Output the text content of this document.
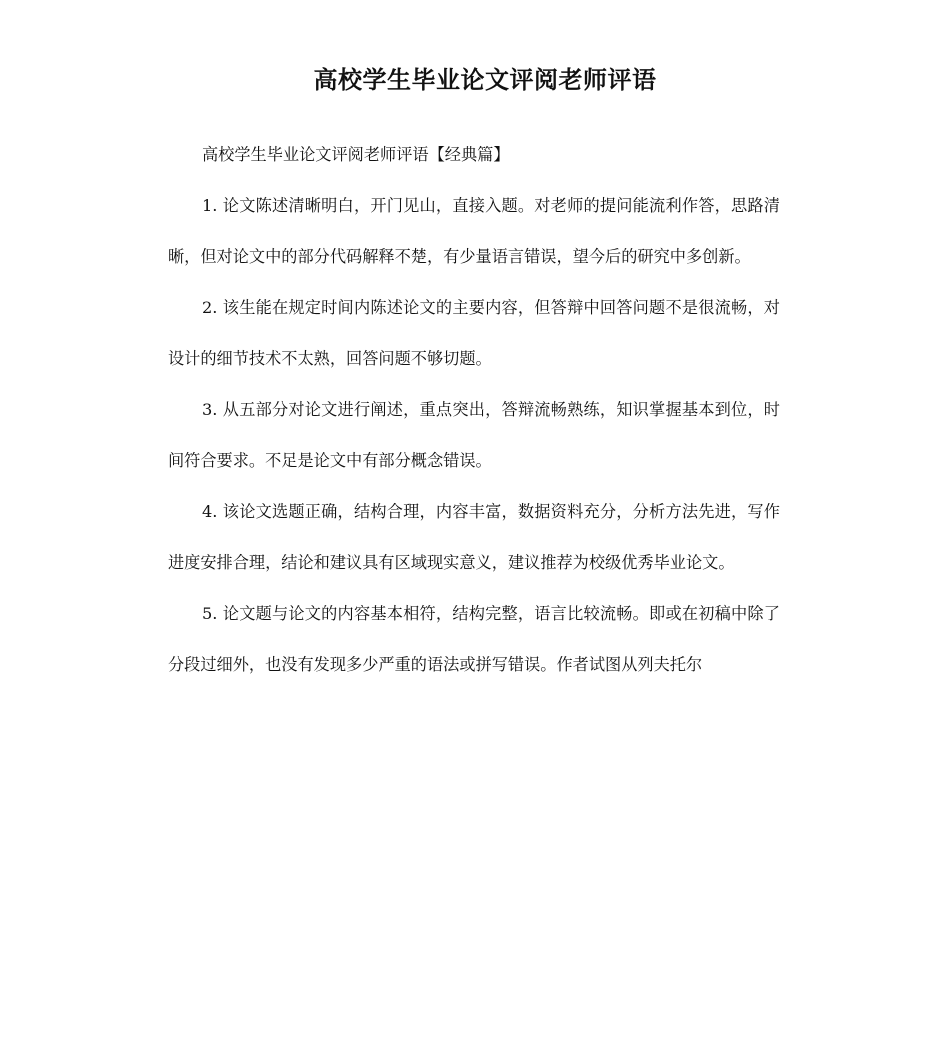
高校学生毕业论文评阅老师评语

高校学生毕业论文评阅老师评语【经典篇】

1. 论文陈述清晰明白，开门见山，直接入题。对老师的提问能流利作答，思路清晰，但对论文中的部分代码解释不楚，有少量语言错误，望今后的研究中多创新。

2. 该生能在规定时间内陈述论文的主要内容，但答辩中回答问题不是很流畅，对设计的细节技术不太熟，回答问题不够切题。

3. 从五部分对论文进行阐述，重点突出，答辩流畅熟练，知识掌握基本到位，时间符合要求。不足是论文中有部分概念错误。

4. 该论文选题正确，结构合理，内容丰富，数据资料充分，分析方法先进，写作进度安排合理，结论和建议具有区域现实意义，建议推荐为校级优秀毕业论文。

5. 论文题与论文的内容基本相符，结构完整，语言比较流畅。即或在初稿中除了分段过细外，也没有发现多少严重的语法或拼写错误。作者试图从列夫托尔
